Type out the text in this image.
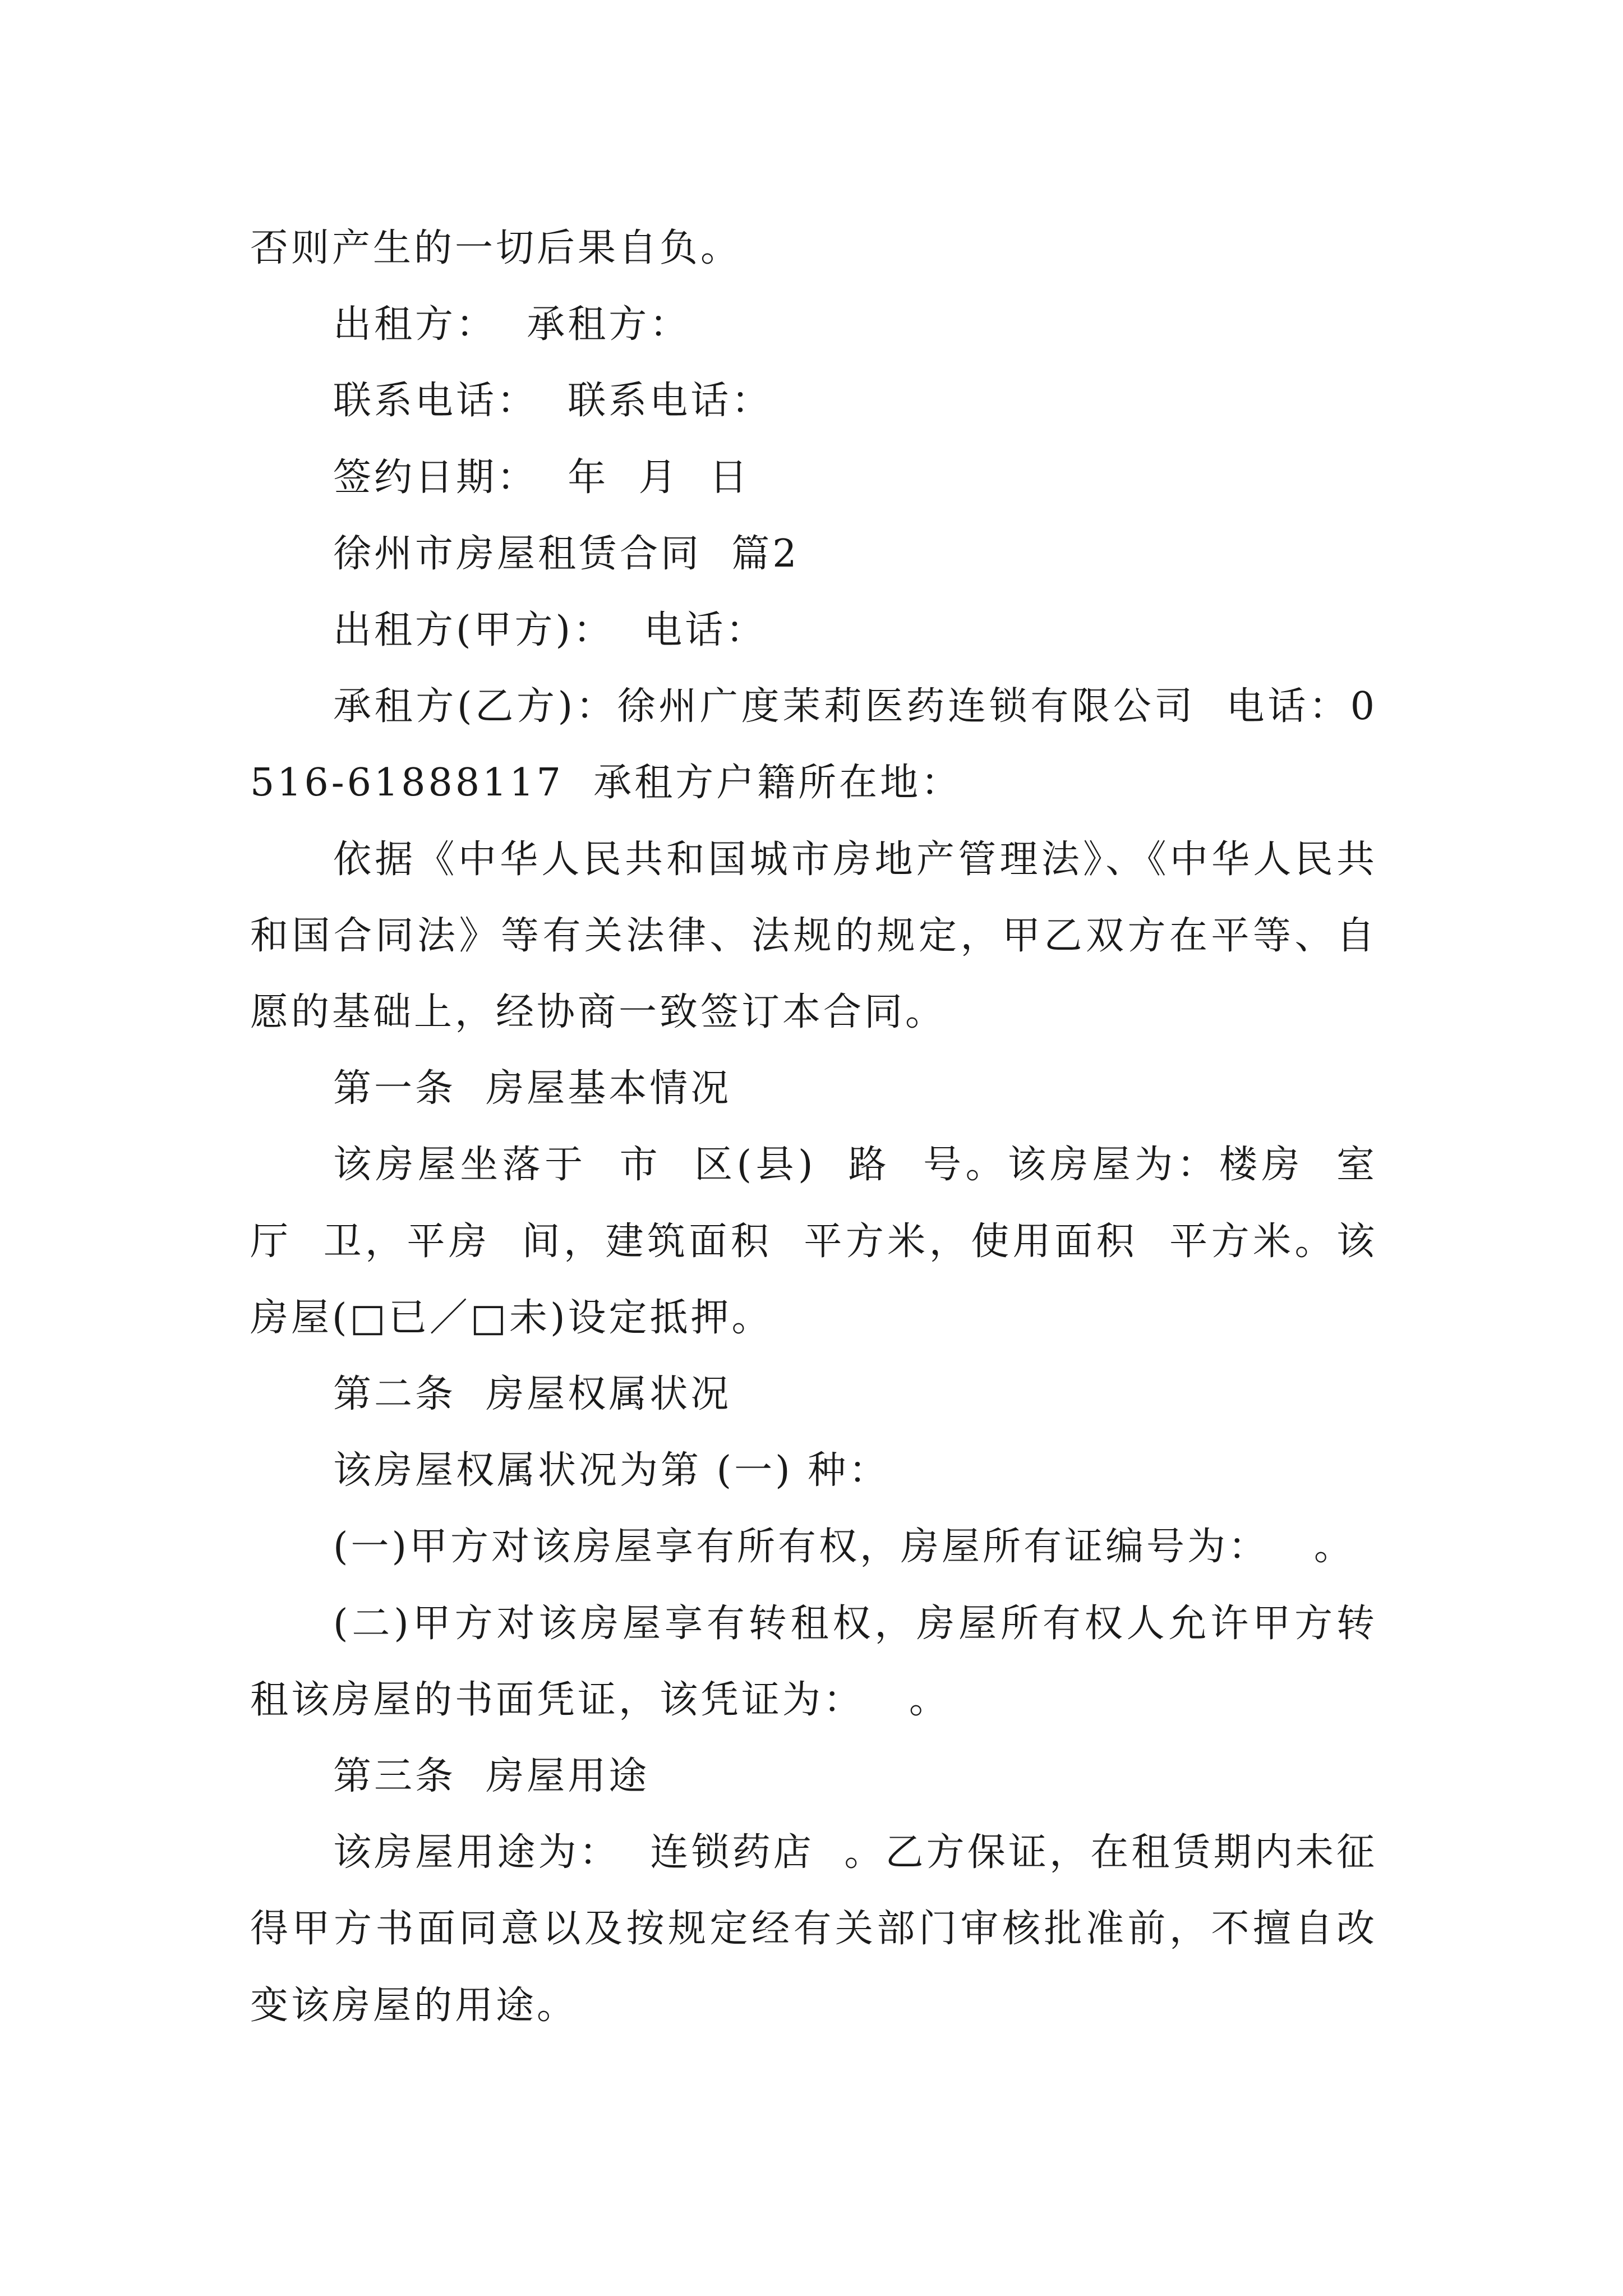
否则产生的一切后果自负。

出租方：  承租方：

联系电话：  联系电话：

签约日期：  年  月  日

徐州市房屋租赁合同  篇2

出租方(甲方)：  电话：

承租方(乙方)：徐州广度茉莉医药连锁有限公司  电话：0516-61888117  承租方户籍所在地：

依据《中华人民共和国城市房地产管理法》、《中华人民共和国合同法》等有关法律、法规的规定，甲乙双方在平等、自愿的基础上，经协商一致签订本合同。

第一条  房屋基本情况

该房屋坐落于  市  区(县)  路  号。该房屋为：楼房  室  厅  卫，平房  间，建筑面积  平方米，使用面积  平方米。该房屋(□已／□未)设定抵押。

第二条  房屋权属状况

该房屋权属状况为第 (一) 种：

(一)甲方对该房屋享有所有权，房屋所有证编号为：   。

(二)甲方对该房屋享有转租权，房屋所有权人允许甲方转租该房屋的书面凭证，该凭证为：   。

第三条  房屋用途

该房屋用途为：  连锁药店  。乙方保证，在租赁期内未征得甲方书面同意以及按规定经有关部门审核批准前，不擅自改变该房屋的用途。
